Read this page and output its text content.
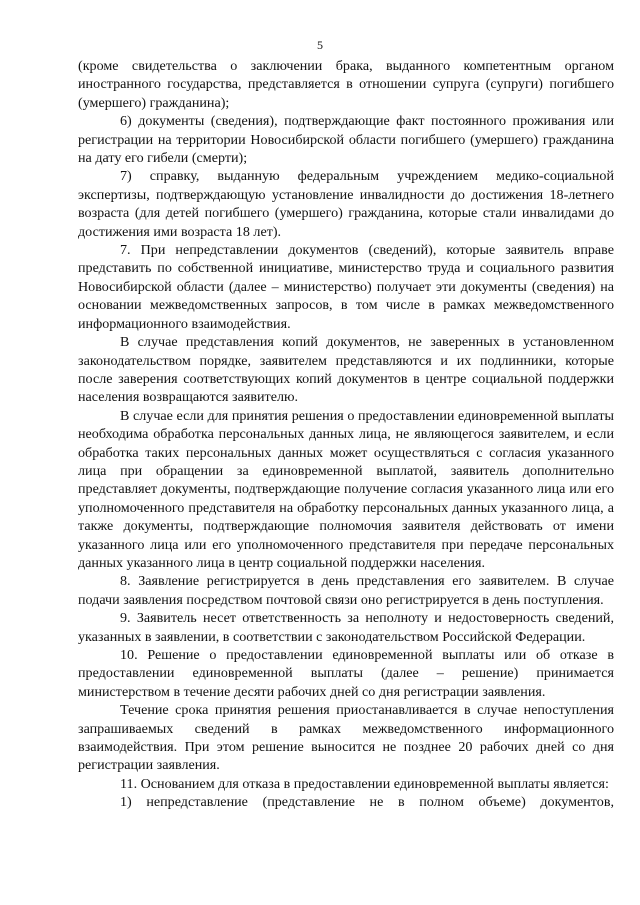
5

(кроме свидетельства о заключении брака, выданного компетентным органом иностранного государства, представляется в отношении супруга (супруги) погибшего (умершего) гражданина);

6) документы (сведения), подтверждающие факт постоянного проживания или регистрации на территории Новосибирской области погибшего (умершего) гражданина на дату его гибели (смерти);

7) справку, выданную федеральным учреждением медико-социальной экспертизы, подтверждающую установление инвалидности до достижения 18-летнего возраста (для детей погибшего (умершего) гражданина, которые стали инвалидами до достижения ими возраста 18 лет).

7. При непредставлении документов (сведений), которые заявитель вправе представить по собственной инициативе, министерство труда и социального развития Новосибирской области (далее – министерство) получает эти документы (сведения) на основании межведомственных запросов, в том числе в рамках межведомственного информационного взаимодействия.

В случае представления копий документов, не заверенных в установленном законодательством порядке, заявителем представляются и их подлинники, которые после заверения соответствующих копий документов в центре социальной поддержки населения возвращаются заявителю.

В случае если для принятия решения о предоставлении единовременной выплаты необходима обработка персональных данных лица, не являющегося заявителем, и если обработка таких персональных данных может осуществляться с согласия указанного лица при обращении за единовременной выплатой, заявитель дополнительно представляет документы, подтверждающие получение согласия указанного лица или его уполномоченного представителя на обработку персональных данных указанного лица, а также документы, подтверждающие полномочия заявителя действовать от имени указанного лица или его уполномоченного представителя при передаче персональных данных указанного лица в центр социальной поддержки населения.

8. Заявление регистрируется в день представления его заявителем. В случае подачи заявления посредством почтовой связи оно регистрируется в день поступления.

9. Заявитель несет ответственность за неполноту и недостоверность сведений, указанных в заявлении, в соответствии с законодательством Российской Федерации.

10. Решение о предоставлении единовременной выплаты или об отказе в предоставлении единовременной выплаты (далее – решение) принимается министерством в течение десяти рабочих дней со дня регистрации заявления.

Течение срока принятия решения приостанавливается в случае непоступления запрашиваемых сведений в рамках межведомственного информационного взаимодействия. При этом решение выносится не позднее 20 рабочих дней со дня регистрации заявления.

11. Основанием для отказа в предоставлении единовременной выплаты является:

1) непредставление (представление не в полном объеме) документов,
